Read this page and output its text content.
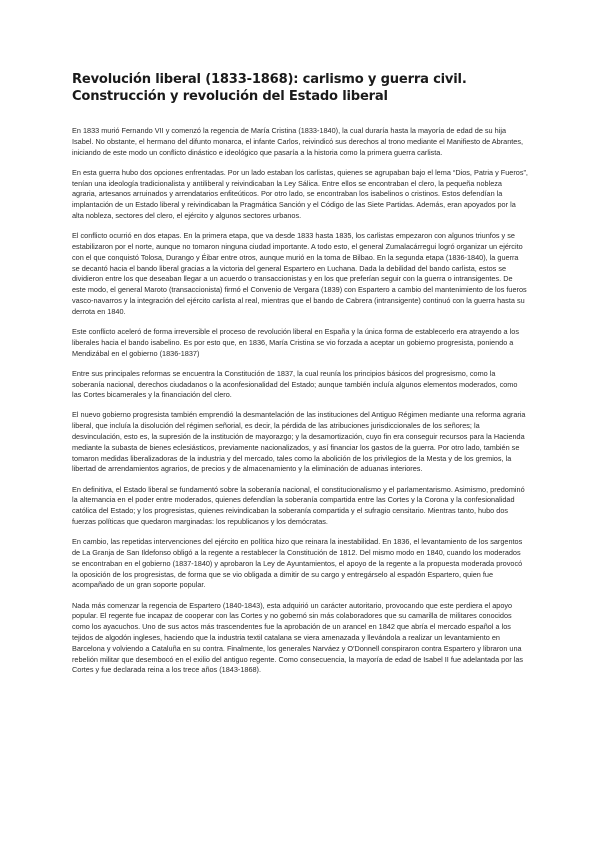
Revolución liberal (1833-1868): carlismo y guerra civil. Construcción y revolución del Estado liberal

En 1833 murió Fernando VII y comenzó la regencia de María Cristina (1833-1840), la cual duraría hasta la mayoría de edad de su hija Isabel. No obstante, el hermano del difunto monarca, el infante Carlos, reivindicó sus derechos al trono mediante el Manifiesto de Abrantes, iniciando de este modo un conflicto dinástico e ideológico que pasaría a la historia como la primera guerra carlista.

En esta guerra hubo dos opciones enfrentadas. Por un lado estaban los carlistas, quienes se agrupaban bajo el lema “Dios, Patria y Fueros”, tenían una ideología tradicionalista y antiliberal y reivindicaban la Ley Sálica. Entre ellos se encontraban el clero, la pequeña nobleza agraria, artesanos arruinados y arrendatarios enfiteúticos. Por otro lado, se encontraban los isabelinos o cristinos. Estos defendían la implantación de un Estado liberal y reivindicaban la Pragmática Sanción y el Código de las Siete Partidas. Además, eran apoyados por la alta nobleza, sectores del clero, el ejército y algunos sectores urbanos.

El conflicto ocurrió en dos etapas. En la primera etapa, que va desde 1833 hasta 1835, los carlistas empezaron con algunos triunfos y se estabilizaron por el norte, aunque no tomaron ninguna ciudad importante. A todo esto, el general Zumalacárregui logró organizar un ejército con el que conquistó Tolosa, Durango y Éibar entre otros, aunque murió en la toma de Bilbao. En la segunda etapa (1836-1840), la guerra se decantó hacia el bando liberal gracias a la victoria del general Espartero en Luchana. Dada la debilidad del bando carlista, estos se dividieron entre los que deseaban llegar a un acuerdo o transaccionistas y en los que preferían seguir con la guerra o intransigentes. De este modo, el general Maroto (transaccionista) firmó el Convenio de Vergara (1839) con Espartero a cambio del mantenimiento de los fueros vasco-navarros y la integración del ejército carlista al real, mientras que el bando de Cabrera (intransigente) continuó con la guerra hasta su derrota en 1840.

Este conflicto aceleró de forma irreversible el proceso de revolución liberal en España y la única forma de establecerlo era atrayendo a los liberales hacia el bando isabelino. Es por esto que, en 1836, María Cristina se vio forzada a aceptar un gobierno progresista, poniendo a Mendizábal en el gobierno (1836-1837)

Entre sus principales reformas se encuentra la Constitución de 1837, la cual reunía los principios básicos del progresismo, como la soberanía nacional, derechos ciudadanos o la aconfesionalidad del Estado; aunque también incluía algunos elementos moderados, como las Cortes bicamerales y la financiación del clero.

El nuevo gobierno progresista también emprendió la desmantelación de las instituciones del Antiguo Régimen mediante una reforma agraria liberal, que incluía la disolución del régimen señorial, es decir, la pérdida de las atribuciones jurisdiccionales de los señores; la desvinculación, esto es, la supresión de la institución de mayorazgo; y la desamortización, cuyo fin era conseguir recursos para la Hacienda mediante la subasta de bienes eclesiásticos, previamente nacionalizados, y así financiar los gastos de la guerra. Por otro lado, también se tomaron medidas liberalizadoras de la industria y del mercado, tales como la abolición de los privilegios de la Mesta y de los gremios, la libertad de arrendamientos agrarios, de precios y de almacenamiento y la eliminación de aduanas interiores.

En definitiva, el Estado liberal se fundamentó sobre la soberanía nacional, el constitucionalismo y el parlamentarismo. Asimismo, predominó la alternancia en el poder entre moderados, quienes defendían la soberanía compartida entre las Cortes y la Corona y la confesionalidad católica del Estado; y los progresistas, quienes reivindicaban la soberanía compartida y el sufragio censitario. Mientras tanto, hubo dos fuerzas políticas que quedaron marginadas: los republicanos y los demócratas.

En cambio, las repetidas intervenciones del ejército en política hizo que reinara la inestabilidad. En 1836, el levantamiento de los sargentos de La Granja de San Ildefonso obligó a la regente a restablecer la Constitución de 1812. Del mismo modo en 1840, cuando los moderados se encontraban en el gobierno (1837-1840) y aprobaron la Ley de Ayuntamientos, el apoyo de la regente a la propuesta moderada provocó la oposición de los progresistas, de forma que se vio obligada a dimitir de su cargo y entregárselo al espadón Espartero, quien fue acompañado de un gran soporte popular.

Nada más comenzar la regencia de Espartero (1840-1843), esta adquirió un carácter autoritario, provocando que este perdiera el apoyo popular. El regente fue incapaz de cooperar con las Cortes y no gobernó sin más colaboradores que su camarilla de militares conocidos como los ayacuchos. Uno de sus actos más trascendentes fue la aprobación de un arancel en 1842 que abría el mercado español a los tejidos de algodón ingleses, haciendo que la industria textil catalana se viera amenazada y llevándola a realizar un levantamiento en Barcelona y volviendo a Cataluña en su contra. Finalmente, los generales Narváez y O'Donnell conspiraron contra Espartero y libraron una rebelión militar que desembocó en el exilio del antiguo regente. Como consecuencia, la mayoría de edad de Isabel II fue adelantada por las Cortes y fue declarada reina a los trece años (1843-1868).
